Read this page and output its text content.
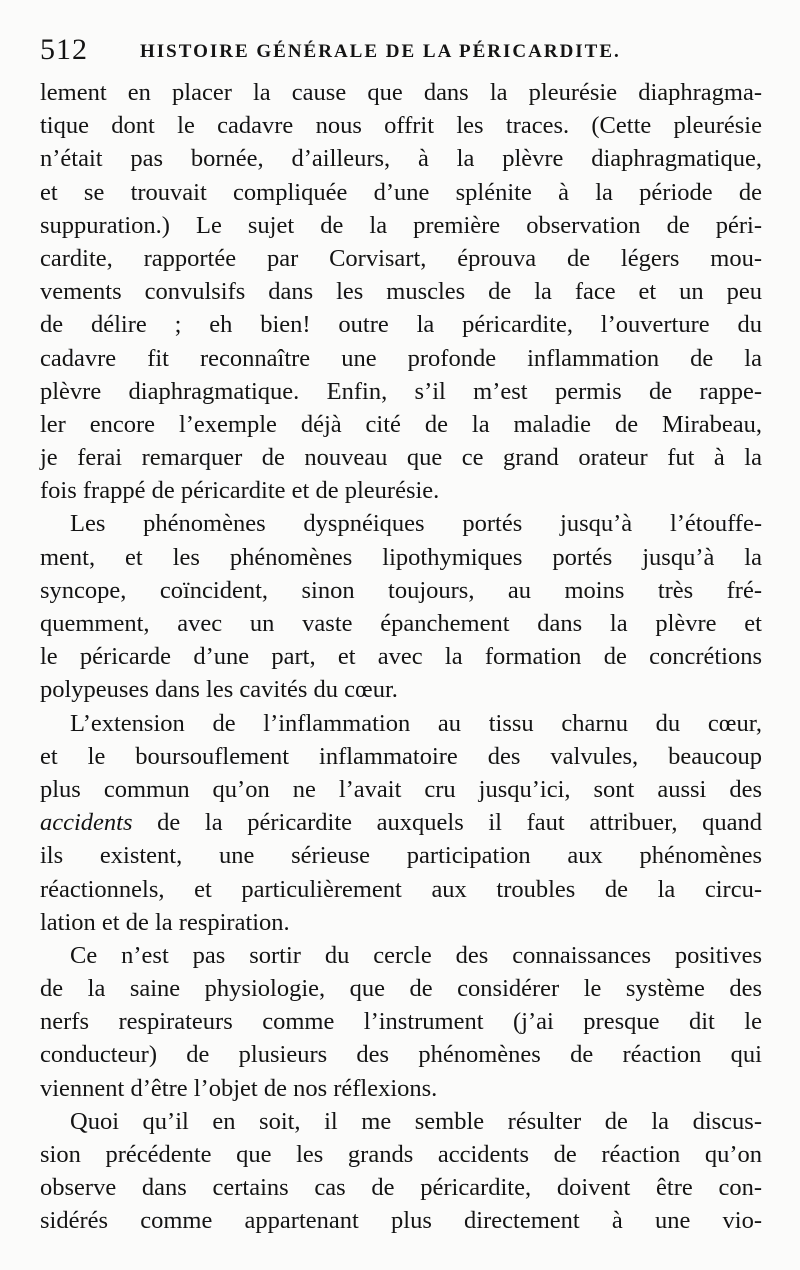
512	HISTOIRE GÉNÉRALE DE LA PÉRICARDITE.
lement en placer la cause que dans la pleurésie diaphragma-
tique dont le cadavre nous offrit les traces. (Cette pleurésie
n’était pas bornée, d’ailleurs, à la plèvre diaphragmatique,
et se trouvait compliquée d’une splénite à la période de
suppuration.) Le sujet de la première observation de péri-
cardite, rapportée par Corvisart, éprouva de légers mou-
vements convulsifs dans les muscles de la face et un peu
de délire ; eh bien! outre la péricardite, l’ouverture du
cadavre fit reconnaître une profonde inflammation de la
plèvre diaphragmatique. Enfin, s’il m’est permis de rappe-
ler encore l’exemple déjà cité de la maladie de Mirabeau,
je ferai remarquer de nouveau que ce grand orateur fut à la
fois frappé de péricardite et de pleurésie.
Les phénomènes dyspnéiques portés jusqu’à l’étouffe-
ment, et les phénomènes lipothymiques portés jusqu’à la
syncope, coïncident, sinon toujours, au moins très fré-
quemment, avec un vaste épanchement dans la plèvre et
le péricarde d’une part, et avec la formation de concrétions
polypeuses dans les cavités du cœur.
L’extension de l’inflammation au tissu charnu du cœur,
et le boursouflement inflammatoire des valvules, beaucoup
plus commun qu’on ne l’avait cru jusqu’ici, sont aussi des
accidents de la péricardite auxquels il faut attribuer, quand
ils existent, une sérieuse participation aux phénomènes
réactionnels, et particulièrement aux troubles de la circu-
lation et de la respiration.
Ce n’est pas sortir du cercle des connaissances positives
de la saine physiologie, que de considérer le système des
nerfs respirateurs comme l’instrument (j’ai presque dit le
conducteur) de plusieurs des phénomènes de réaction qui
viennent d’être l’objet de nos réflexions.
Quoi qu’il en soit, il me semble résulter de la discus-
sion précédente que les grands accidents de réaction qu’on
observe dans certains cas de péricardite, doivent être con-
sidérés comme appartenant plus directement à une vio-
